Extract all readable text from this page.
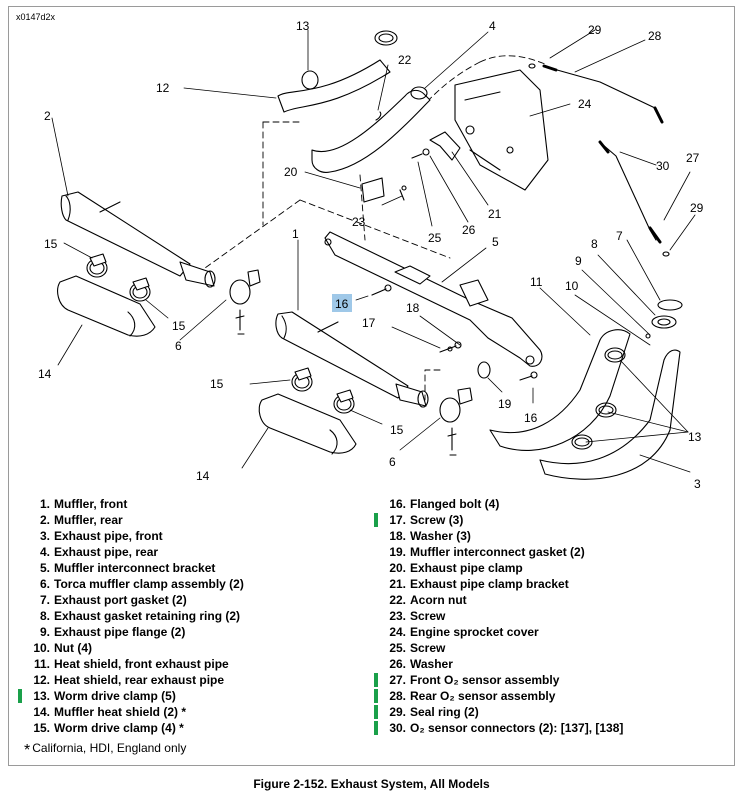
x0147d2x
1
2
3
4
5
6
6
7
8
9
10
11
12
13
13
14
14
15
15
15
15
16
16
17
18
19
20
21
22
23
24
25
26
27
28
29
29
30
1. Muffler, front
2. Muffler, rear
3. Exhaust pipe, front
4. Exhaust pipe, rear
5. Muffler interconnect bracket
6. Torca muffler clamp assembly (2)
7. Exhaust port gasket (2)
8. Exhaust gasket retaining ring (2)
9. Exhaust pipe flange (2)
10. Nut (4)
11. Heat shield, front exhaust pipe
12. Heat shield, rear exhaust pipe
13. Worm drive clamp (5)
14. Muffler heat shield (2) *
15. Worm drive clamp (4) *
16. Flanged bolt (4)
17. Screw (3)
18. Washer (3)
19. Muffler interconnect gasket (2)
20. Exhaust pipe clamp
21. Exhaust pipe clamp bracket
22. Acorn nut
23. Screw
24. Engine sprocket cover
25. Screw
26. Washer
27. Front O₂ sensor assembly
28. Rear O₂ sensor assembly
29. Seal ring (2)
30. O₂ sensor connectors (2): [137], [138]
* California, HDI, England only
Figure 2-152. Exhaust System, All Models
